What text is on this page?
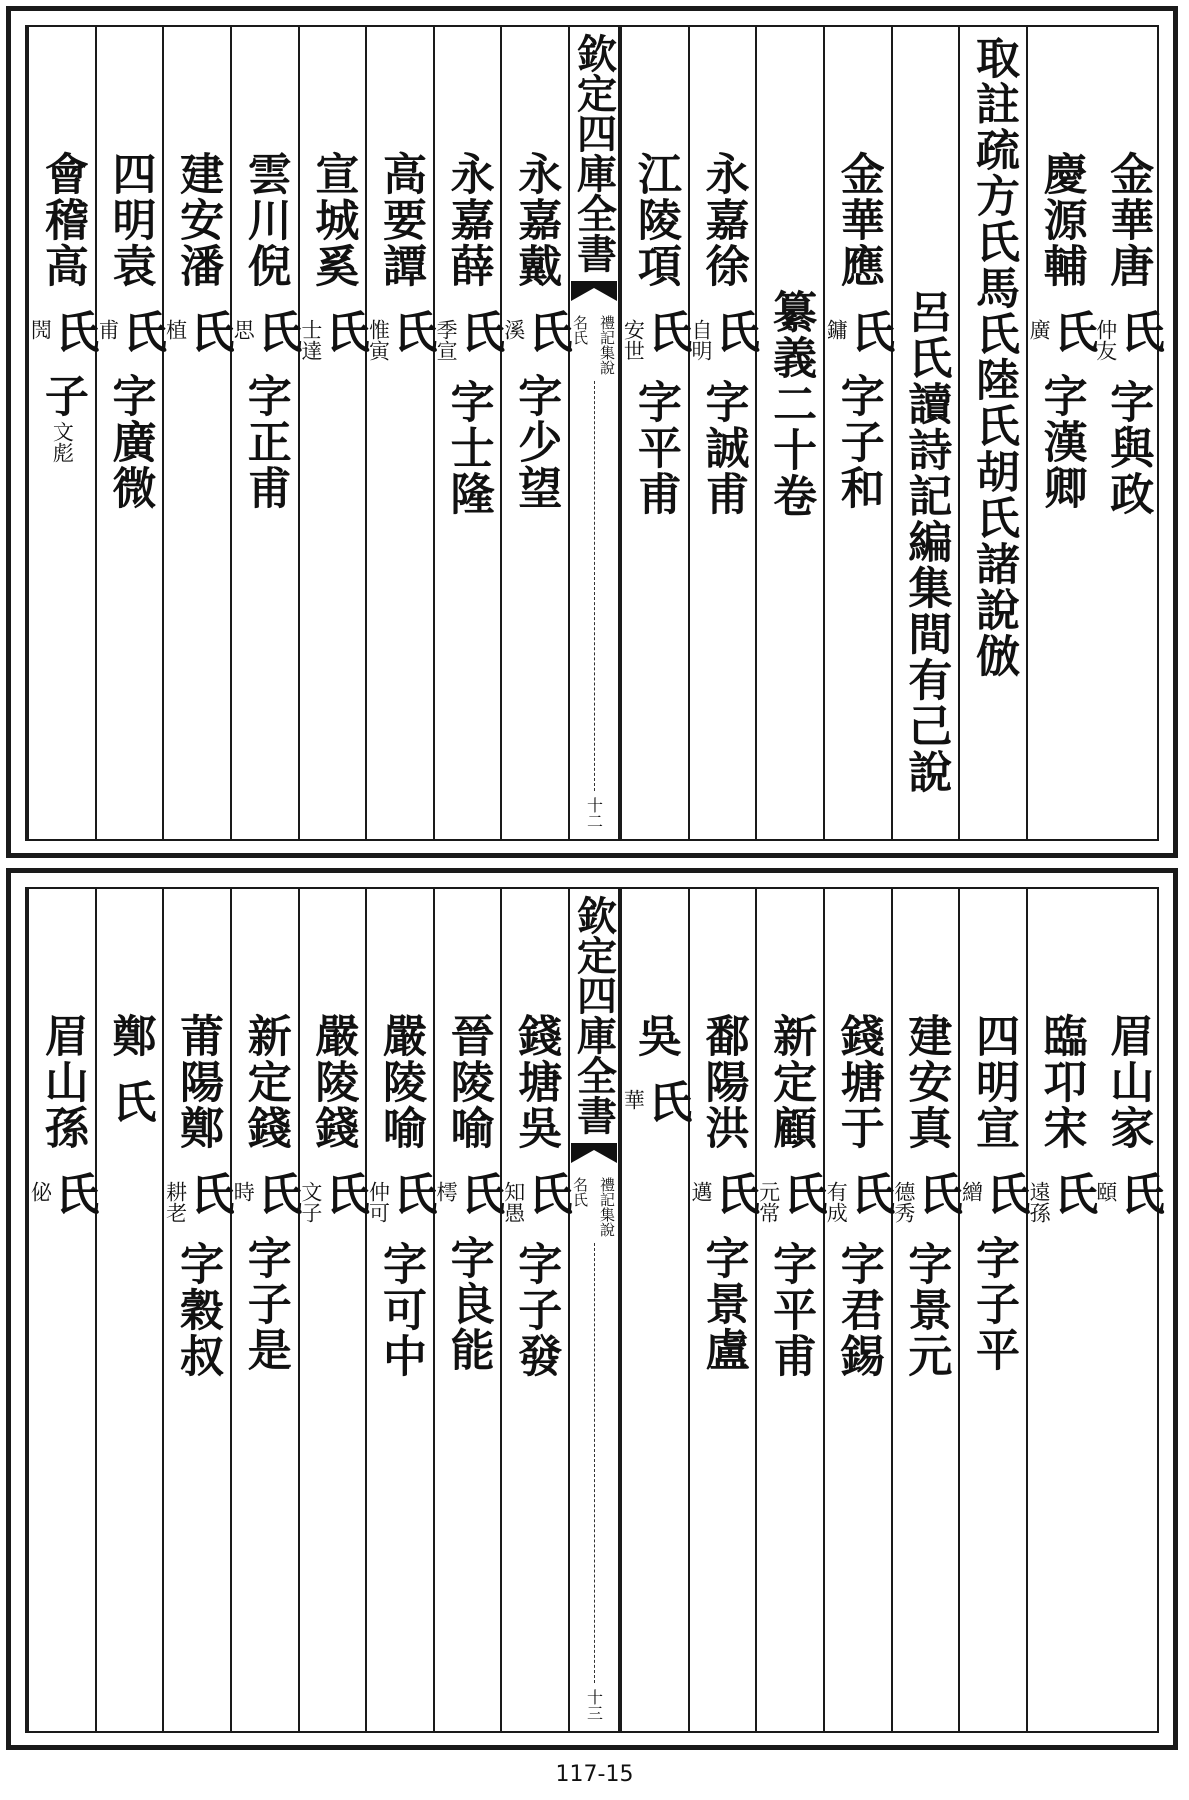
金華唐
氏
仲友
字與政
慶源輔
氏
廣
字漢卿
取註疏方氏馬氏陸氏胡氏諸說倣
呂氏讀詩記編集間有己說
金華應
氏
鏞
字子和
纂義二十卷
永嘉徐
氏
自明
字誠甫
江陵項
氏
安世
字平甫
欽定四庫全書
禮記集說
名氏
十二
永嘉戴
氏
溪
字少望
永嘉薛
氏
季宣
字士隆
高要譚
氏
惟寅
宣城奚
氏
士達
雲川倪
氏
思
字正甫
建安潘
氏
植
四明袁
氏
甫
字廣微
會稽高
氏
閌
子
文彪
眉山家
氏
頤
臨卭宋
氏
遠孫
四明宣
氏
繒
字子平
建安真
氏
德秀
字景元
錢塘于
氏
有成
字君錫
新定顧
氏
元常
字平甫
鄱陽洪
氏
邁
字景盧
吳
氏
華
欽定四庫全書
禮記集說
名氏
十三
錢塘吳
氏
知愚
字子發
晉陵喻
氏
樗
字良能
嚴陵喻
氏
仲可
字可中
嚴陵錢
氏
文子
新定錢
氏
時
字子是
莆陽鄭
氏
耕老
字穀叔
鄭
氏
眉山孫
氏
佖
117-15
